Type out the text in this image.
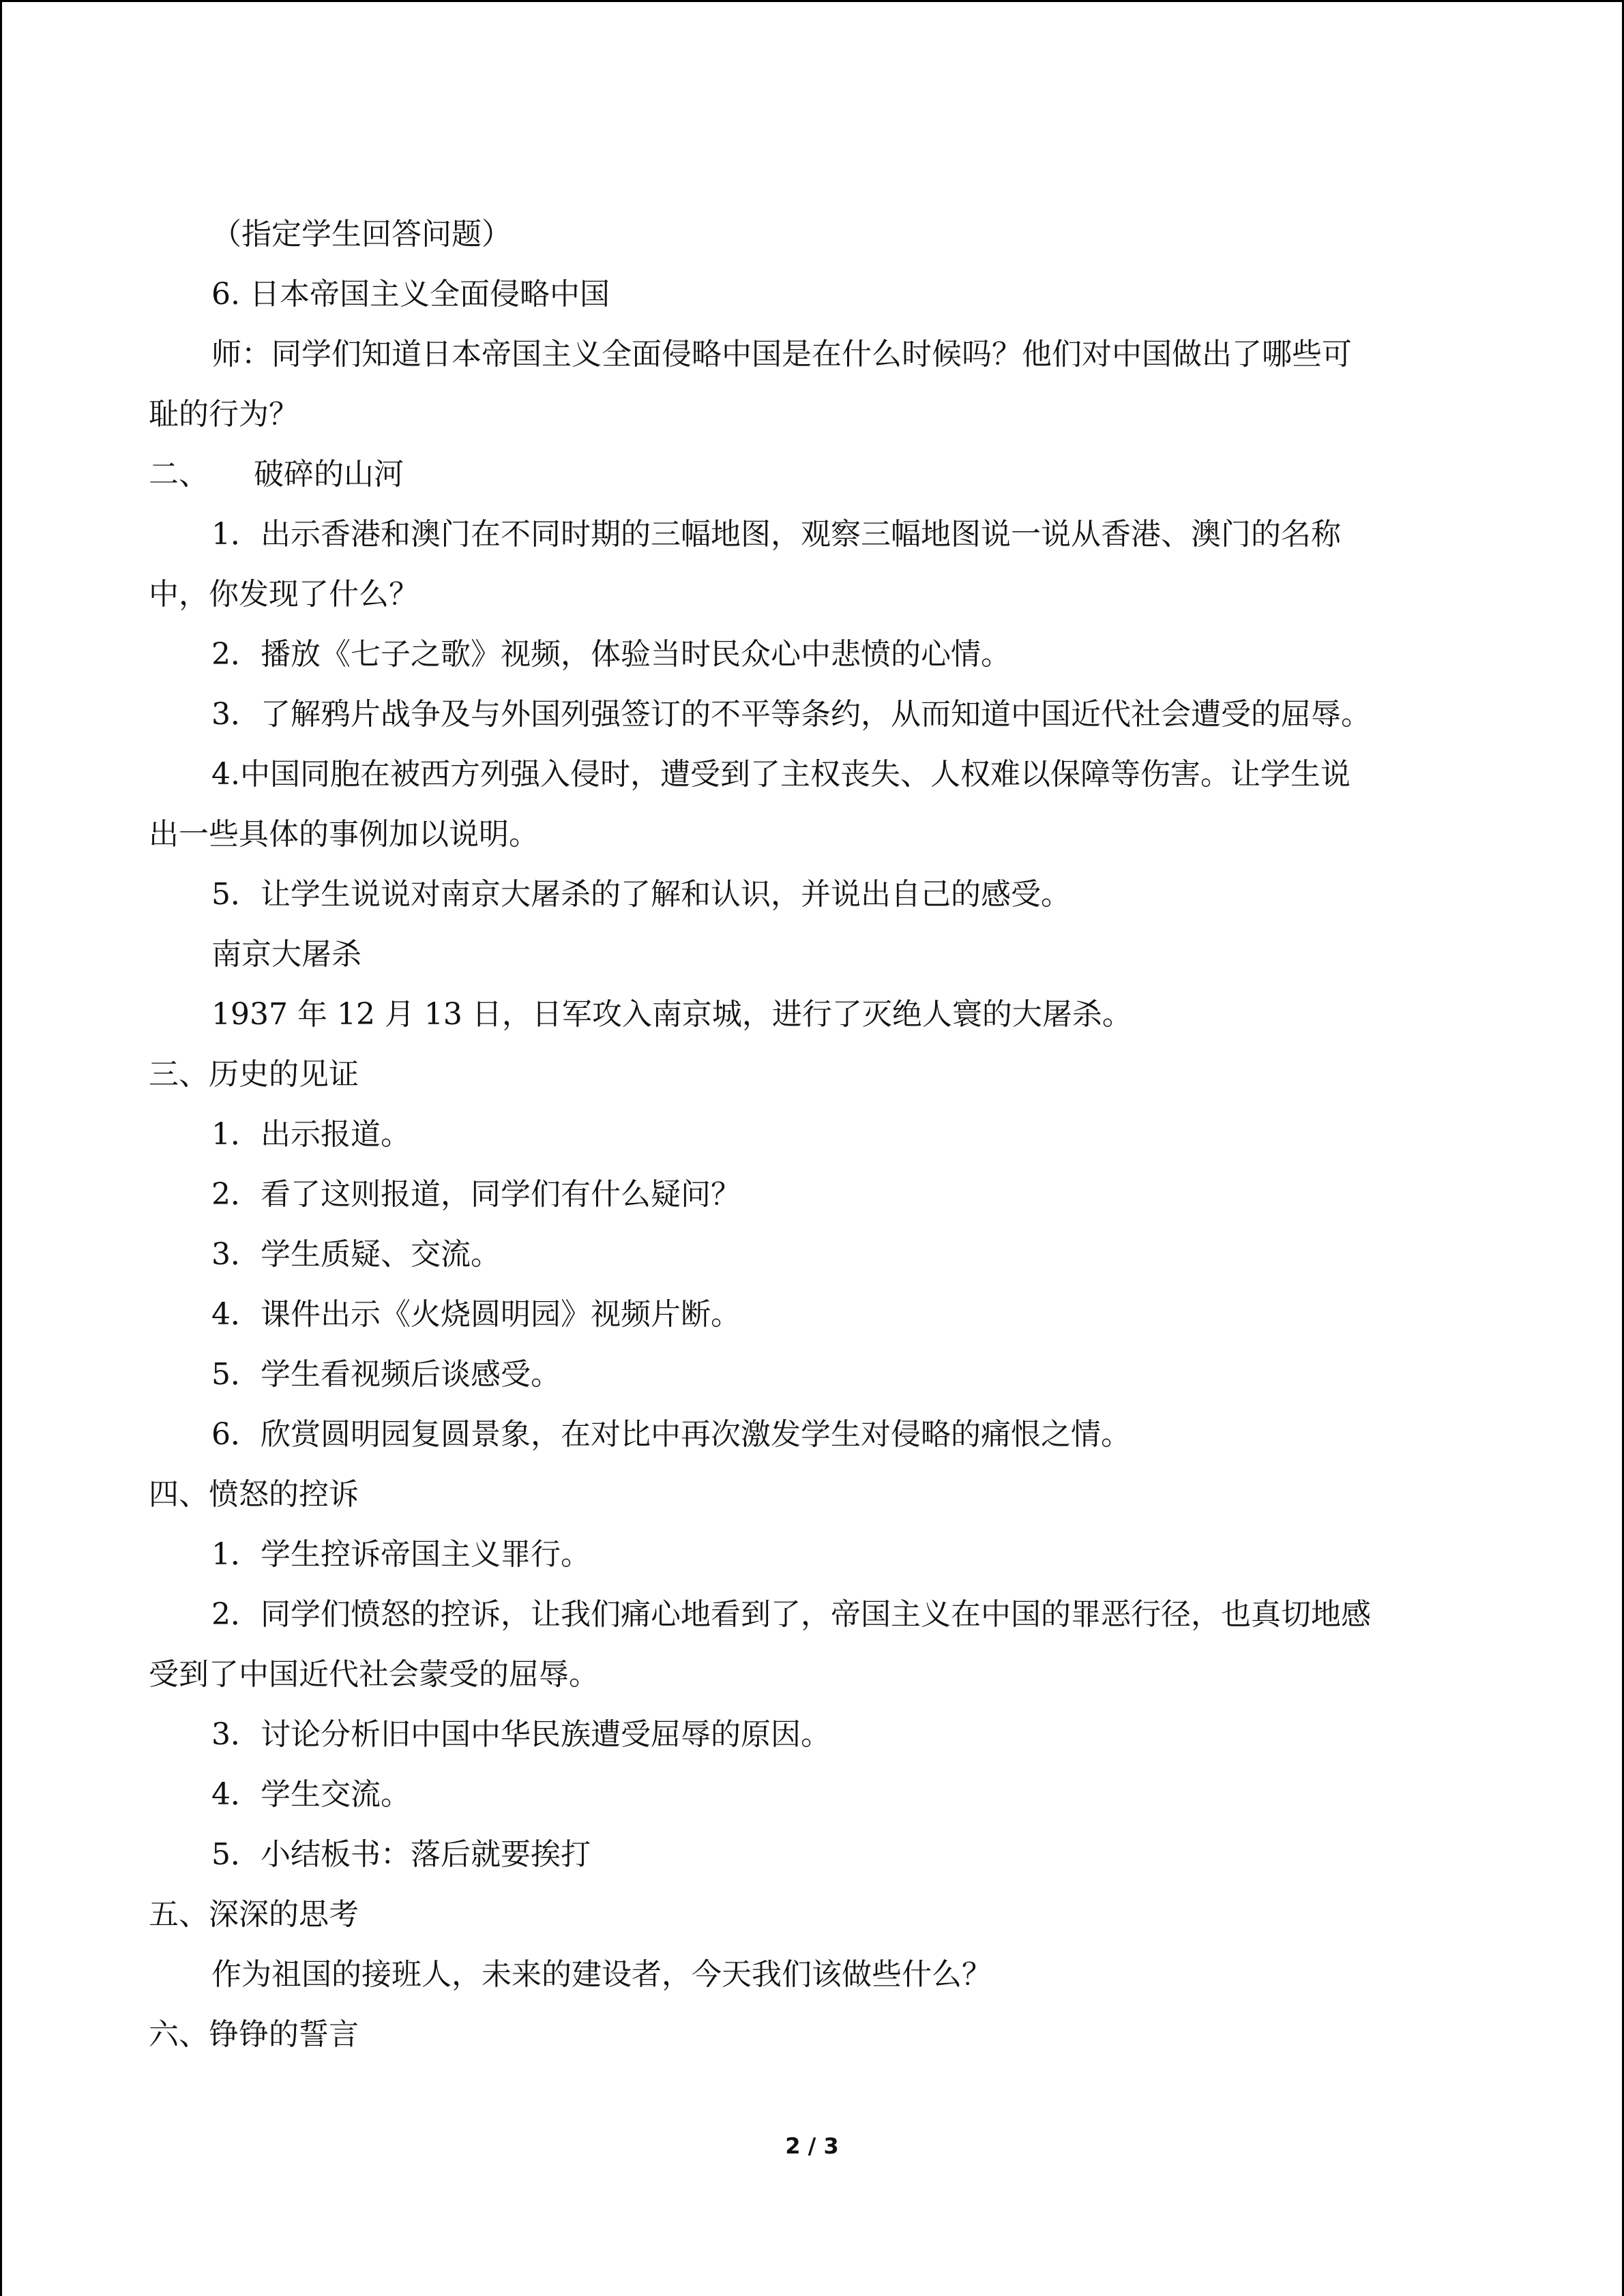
（指定学生回答问题）
6. 日本帝国主义全面侵略中国
师：同学们知道日本帝国主义全面侵略中国是在什么时候吗？他们对中国做出了哪些可
耻的行为？
二、　　破碎的山河
1．出示香港和澳门在不同时期的三幅地图，观察三幅地图说一说从香港、澳门的名称
中，你发现了什么？
2．播放《七子之歌》视频，体验当时民众心中悲愤的心情。
3．了解鸦片战争及与外国列强签订的不平等条约，从而知道中国近代社会遭受的屈辱。
4.中国同胞在被西方列强入侵时，遭受到了主权丧失、人权难以保障等伤害。让学生说
出一些具体的事例加以说明。
5．让学生说说对南京大屠杀的了解和认识，并说出自己的感受。
南京大屠杀
1937 年 12 月 13 日，日军攻入南京城，进行了灭绝人寰的大屠杀。
三、历史的见证
1．出示报道。
2．看了这则报道，同学们有什么疑问？
3．学生质疑、交流。
4．课件出示《火烧圆明园》视频片断。
5．学生看视频后谈感受。
6．欣赏圆明园复圆景象，在对比中再次激发学生对侵略的痛恨之情。
四、愤怒的控诉
1．学生控诉帝国主义罪行。
2．同学们愤怒的控诉，让我们痛心地看到了，帝国主义在中国的罪恶行径，也真切地感
受到了中国近代社会蒙受的屈辱。
3．讨论分析旧中国中华民族遭受屈辱的原因。
4．学生交流。
5．小结板书：落后就要挨打
五、深深的思考
作为祖国的接班人，未来的建设者，今天我们该做些什么？
六、铮铮的誓言
2 / 3
